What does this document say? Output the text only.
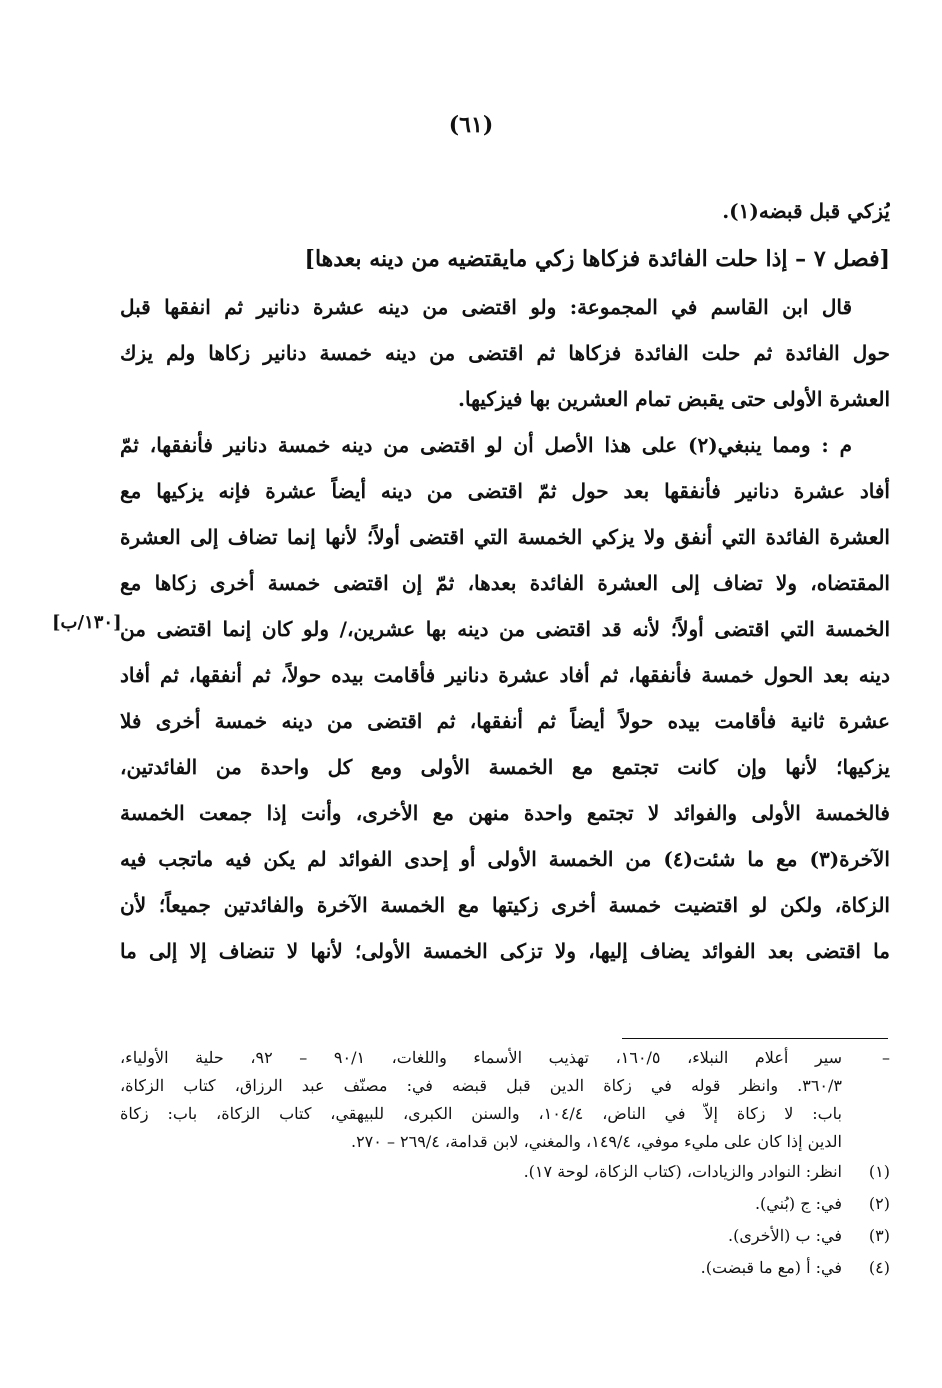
(٦١)
يُزكي قبل قبضه(١).
[فصل ٧ – إذا حلت الفائدة فزكاها زكي مايقتضيه من دينه بعدها]
قال ابن القاسم في المجموعة: ولو اقتضى من دينه عشرة دنانير ثم انفقها قبل
حول الفائدة ثم حلت الفائدة فزكاها ثم اقتضى من دينه خمسة دنانير زكاها ولم يزك
العشرة الأولى حتى يقبض تمام العشرين بها فيزكيها.
م : ومما ينبغي(٢) على هذا الأصل أن لو اقتضى من دينه خمسة دنانير فأنفقها، ثمّ
أفاد عشرة دنانير فأنفقها بعد حول ثمّ اقتضى من دينه أيضاً عشرة فإنه يزكيها مع
العشرة الفائدة التي أنفق ولا يزكي الخمسة التي اقتضى أولاً؛ لأنها إنما تضاف إلى العشرة
المقتضاه، ولا تضاف إلى العشرة الفائدة بعدها، ثمّ إن اقتضى خمسة أخرى زكاها مع
الخمسة التي اقتضى أولاً؛ لأنه قد اقتضى من دينه بها عشرين،/ ولو كان إنما اقتضى من
دينه بعد الحول خمسة فأنفقها، ثم أفاد عشرة دنانير فأقامت بيده حولاً، ثم أنفقها، ثم أفاد
عشرة ثانية فأقامت بيده حولاً أيضاً ثم أنفقها، ثم اقتضى من دينه خمسة أخرى فلا
يزكيها؛ لأنها وإن كانت تجتمع مع الخمسة الأولى ومع كل واحدة من الفائدتين،
فالخمسة الأولى والفوائد لا تجتمع واحدة منهن مع الأخرى، وأنت إذا جمعت الخمسة
الآخرة(٣) مع ما شئت(٤) من الخمسة الأولى أو إحدى الفوائد لم يكن فيه ماتجب فيه
الزكاة، ولكن لو اقتضيت خمسة أخرى زكيتها مع الخمسة الآخرة والفائدتين جميعاً؛ لأن
ما اقتضى بعد الفوائد يضاف إليها، ولا تزكى الخمسة الأولى؛ لأنها لا تنضاف إلا إلى ما
[١٣٠/ب]
–سير أعلام النبلاء، ١٦٠/٥، تهذيب الأسماء واللغات، ٩٠/١ – ٩٢، حلية الأولياء،
٣٦٠/٣. وانظر قوله في زكاة الدين قبل قبضه في: مصنّف عبد الرزاق، كتاب الزكاة،
باب: لا زكاة إلاّ في الناض، ١٠٤/٤، والسنن الكبرى، للبيهقي، كتاب الزكاة، باب: زكاة
الدين إذا كان على مليء موفي، ١٤٩/٤، والمغني، لابن قدامة، ٢٦٩/٤ – ٢٧٠.
(١)انظر: النوادر والزيادات، (كتاب الزكاة، لوحة ١٧).
(٢)في: ج (بُني).
(٣)في: ب (الأخرى).
(٤)في: أ (مع ما قبضت).
